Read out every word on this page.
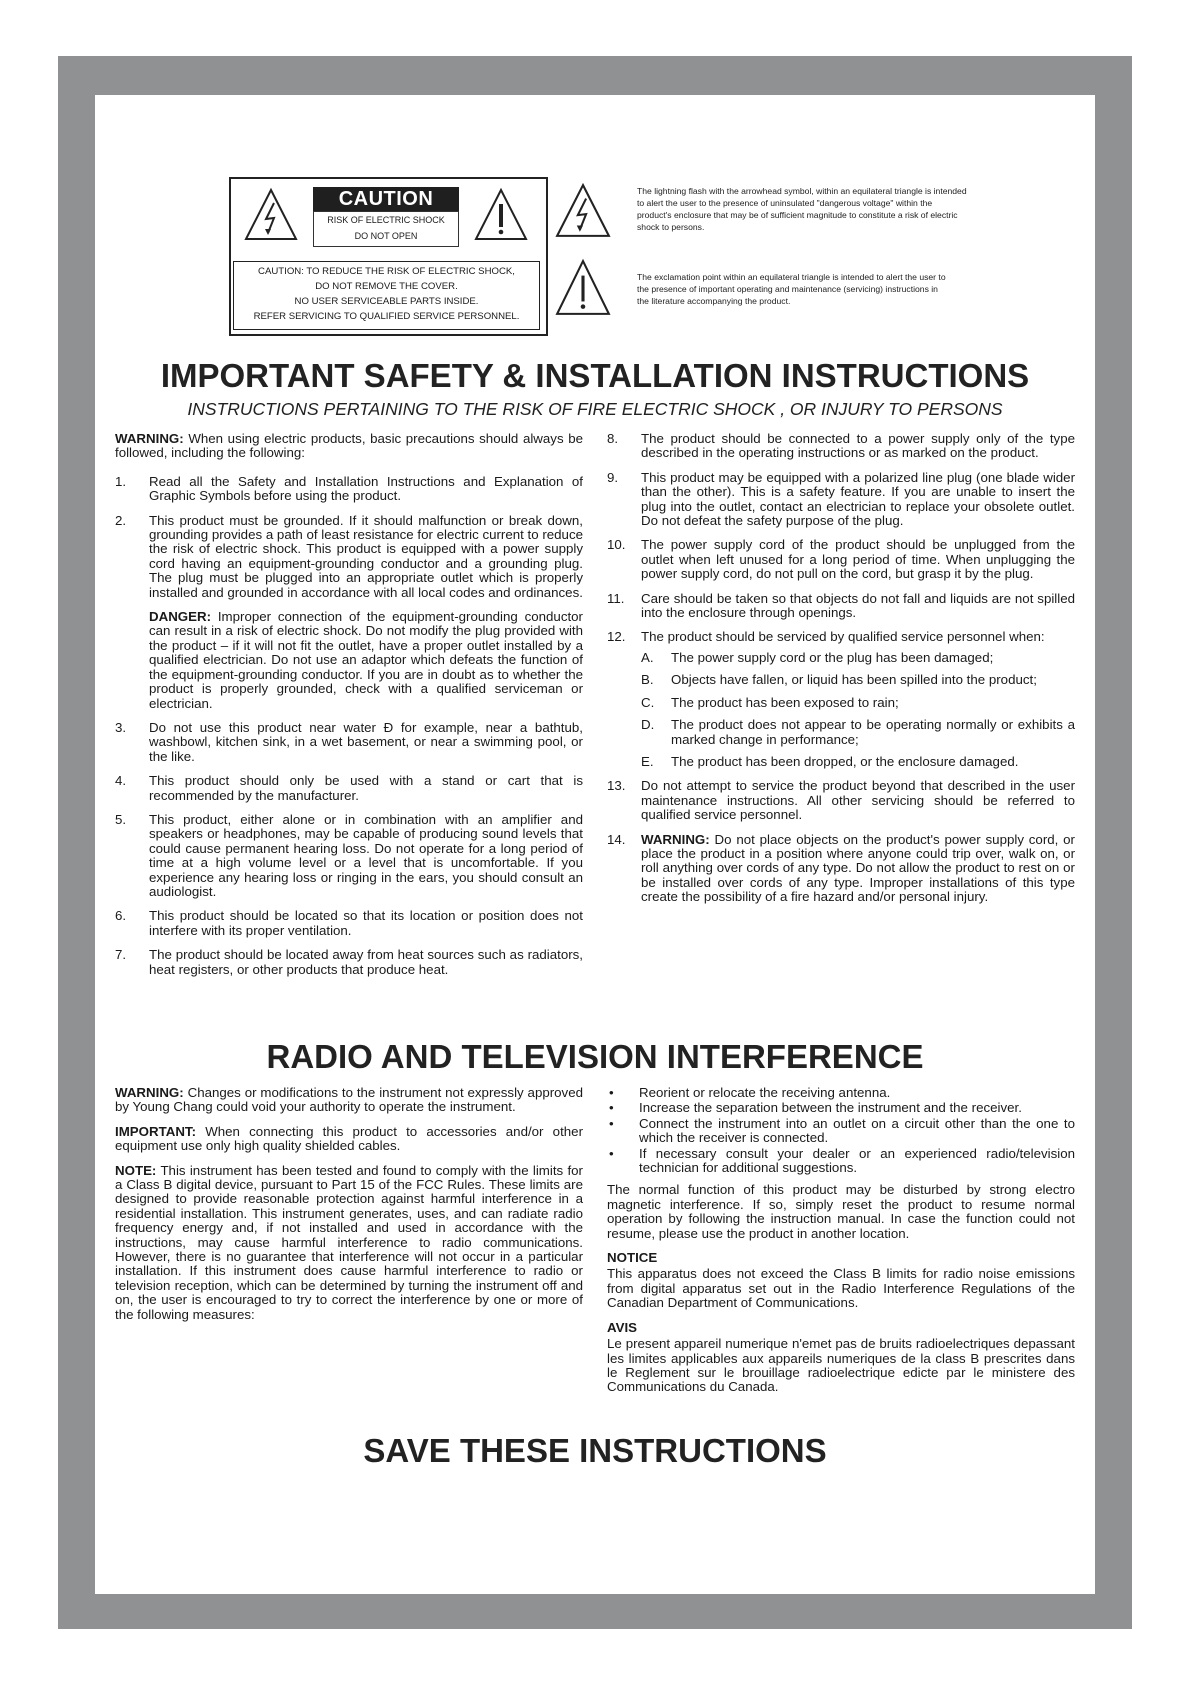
CAUTION
RISK OF ELECTRIC SHOCK
DO NOT OPEN
CAUTION: TO REDUCE THE RISK OF ELECTRIC SHOCK,
DO NOT REMOVE THE COVER.
NO USER SERVICEABLE PARTS INSIDE.
REFER SERVICING TO QUALIFIED SERVICE PERSONNEL.
The lightning flash with the arrowhead symbol, within an equilateral triangle is intended to alert the user to the presence of uninsulated "dangerous voltage" within the product's enclosure that may be of sufficient magnitude to constitute a risk of electric shock to persons.
The exclamation point within an equilateral triangle is intended to alert the user to the presence of important operating and maintenance (servicing) instructions in the literature accompanying the product.
IMPORTANT SAFETY & INSTALLATION INSTRUCTIONS
INSTRUCTIONS PERTAINING TO THE RISK OF FIRE ELECTRIC SHOCK , OR INJURY TO PERSONS

WARNING: When using electric products, basic precautions should always be followed, including the following:

1.	Read all the Safety and Installation Instructions and Explanation of Graphic Symbols before using the product.
2.	This product must be grounded. If it should malfunction or break down, grounding provides a path of least resistance for electric current to reduce the risk of electric shock. This product is equipped with a power supply cord having an equipment-grounding conductor and a grounding plug. The plug must be plugged into an appropriate outlet which is properly installed and grounded in accordance with all local codes and ordinances.
DANGER: Improper connection of the equipment-grounding conductor can result in a risk of electric shock. Do not modify the plug provided with the product – if it will not fit the outlet, have a proper outlet installed by a qualified electrician. Do not use an adaptor which defeats the function of the equipment-grounding conductor. If you are in doubt as to whether the product is properly grounded, check with a qualified serviceman or electrician.
3.	Do not use this product near water Ð for example, near a bathtub, washbowl, kitchen sink, in a wet basement, or near a swimming pool, or the like.
4.	This product should only be used with a stand or cart that is recommended by the manufacturer.
5.	This product, either alone or in combination with an amplifier and speakers or headphones, may be capable of producing sound levels that could cause permanent hearing loss. Do not operate for a long period of time at a high volume level or a level that is uncomfortable. If you experience any hearing loss or ringing in the ears, you should consult an audiologist.
6.	This product should be located so that its location or position does not interfere with its proper ventilation.
7.	The product should be located away from heat sources such as radiators, heat registers, or other products that produce heat.
8.	The product should be connected to a power supply only of the type described in the operating instructions or as marked on the product.
9.	This product may be equipped with a polarized line plug (one blade wider than the other). This is a safety feature. If you are unable to insert the plug into the outlet, contact an electrician to replace your obsolete outlet. Do not defeat the safety purpose of the plug.
10.	The power supply cord of the product should be unplugged from the outlet when left unused for a long period of time. When unplugging the power supply cord, do not pull on the cord, but grasp it by the plug.
11.	Care should be taken so that objects do not fall and liquids are not spilled into the enclosure through openings.
12.	The product should be serviced by qualified service personnel when:
A.	The power supply cord or the plug has been damaged;
B.	Objects have fallen, or liquid has been spilled into the product;
C.	The product has been exposed to rain;
D.	The product does not appear to be operating normally or exhibits a marked change in performance;
E.	The product has been dropped, or the enclosure damaged.
13.	Do not attempt to service the product beyond that described in the user maintenance instructions. All other servicing should be referred to qualified service personnel.
14.	WARNING: Do not place objects on the product's power supply cord, or place the product in a position where anyone could trip over, walk on, or roll anything over cords of any type. Do not allow the product to rest on or be installed over cords of any type. Improper installations of this type create the possibility of a fire hazard and/or personal injury.
RADIO AND TELEVISION INTERFERENCE

WARNING: Changes or modifications to the instrument not expressly approved by Young Chang could void your authority to operate the instrument.

IMPORTANT: When connecting this product to accessories and/or other equipment use only high quality shielded cables.

NOTE: This instrument has been tested and found to comply with the limits for a Class B digital device, pursuant to Part 15 of the FCC Rules. These limits are designed to provide reasonable protection against harmful interference in a residential installation. This instrument generates, uses, and can radiate radio frequency energy and, if not installed and used in accordance with the instructions, may cause harmful interference to radio communications. However, there is no guarantee that interference will not occur in a particular installation. If this instrument does cause harmful interference to radio or television reception, which can be determined by turning the instrument off and on, the user is encouraged to try to correct the interference by one or more of the following measures:

•	Reorient or relocate the receiving antenna.
•	Increase the separation between the instrument and the receiver.
•	Connect the instrument into an outlet on a circuit other than the one to which the receiver is connected.
•	If necessary consult your dealer or an experienced radio/television technician for additional suggestions.

The normal function of this product may be disturbed by strong electro magnetic interference. If so, simply reset the product to resume normal operation by following the instruction manual. In case the function could not resume, please use the product in another location.

NOTICE

This apparatus does not exceed the Class B limits for radio noise emissions from digital apparatus set out in the Radio Interference Regulations of the Canadian Department of Communications.

AVIS

Le present appareil numerique n'emet pas de bruits radioelectriques depassant les limites applicables aux appareils numeriques de la class B prescrites dans le Reglement sur le brouillage radioelectrique edicte par le ministere des Communications du Canada.

SAVE THESE INSTRUCTIONS
